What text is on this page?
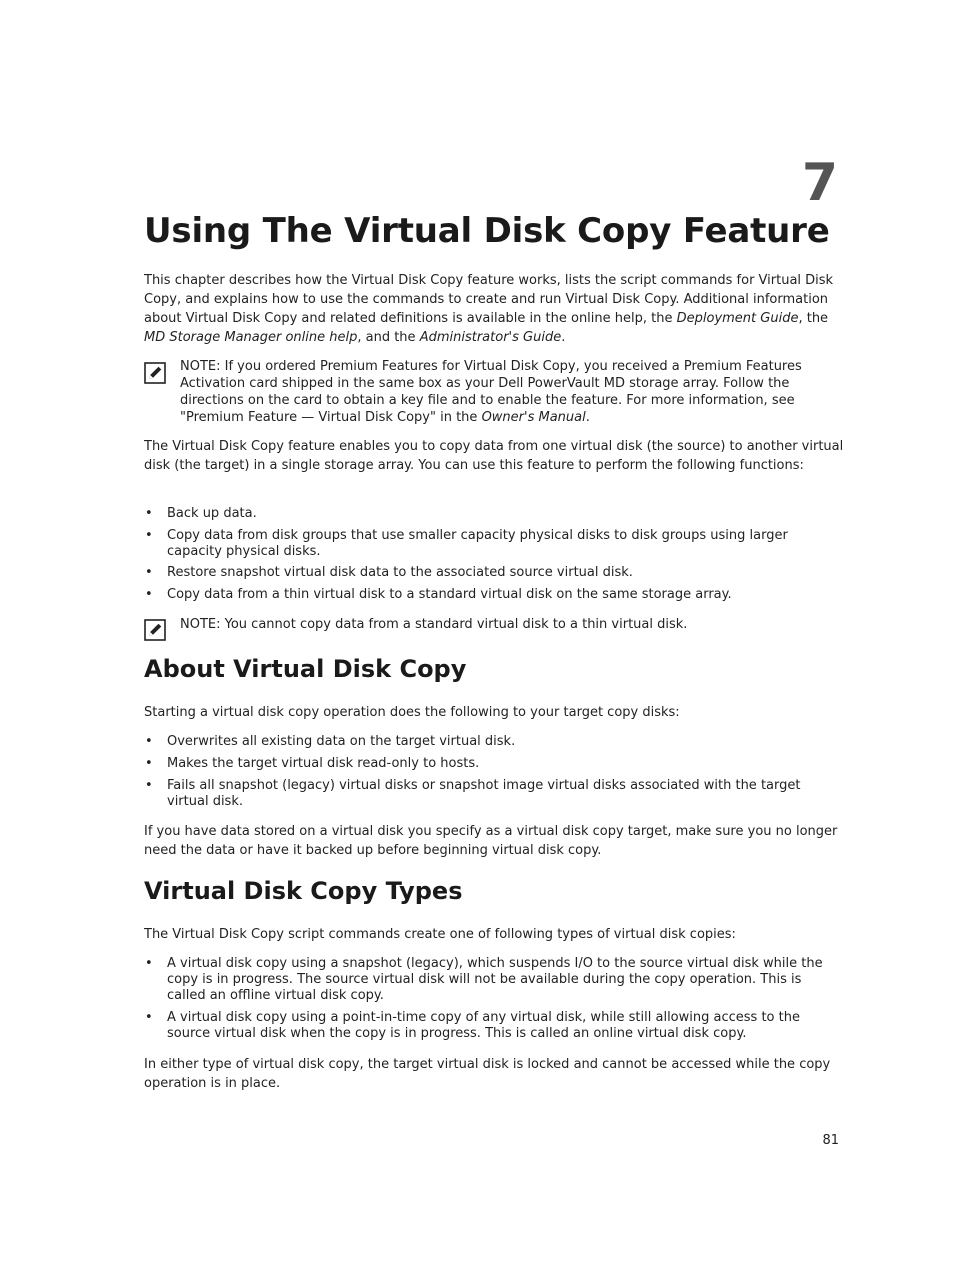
7
Using The Virtual Disk Copy Feature
This chapter describes how the Virtual Disk Copy feature works, lists the script commands for Virtual Disk Copy, and explains how to use the commands to create and run Virtual Disk Copy. Additional information about Virtual Disk Copy and related definitions is available in the online help, the Deployment Guide, the MD Storage Manager online help, and the Administrator's Guide.
NOTE: If you ordered Premium Features for Virtual Disk Copy, you received a Premium Features Activation card shipped in the same box as your Dell PowerVault MD storage array. Follow the directions on the card to obtain a key file and to enable the feature. For more information, see "Premium Feature — Virtual Disk Copy" in the Owner's Manual.
The Virtual Disk Copy feature enables you to copy data from one virtual disk (the source) to another virtual disk (the target) in a single storage array. You can use this feature to perform the following functions:
• Back up data.
• Copy data from disk groups that use smaller capacity physical disks to disk groups using larger capacity physical disks.
• Restore snapshot virtual disk data to the associated source virtual disk.
• Copy data from a thin virtual disk to a standard virtual disk on the same storage array.
NOTE: You cannot copy data from a standard virtual disk to a thin virtual disk.
About Virtual Disk Copy
Starting a virtual disk copy operation does the following to your target copy disks:
• Overwrites all existing data on the target virtual disk.
• Makes the target virtual disk read-only to hosts.
• Fails all snapshot (legacy) virtual disks or snapshot image virtual disks associated with the target virtual disk.
If you have data stored on a virtual disk you specify as a virtual disk copy target, make sure you no longer need the data or have it backed up before beginning virtual disk copy.
Virtual Disk Copy Types
The Virtual Disk Copy script commands create one of following types of virtual disk copies:
• A virtual disk copy using a snapshot (legacy), which suspends I/O to the source virtual disk while the copy is in progress. The source virtual disk will not be available during the copy operation. This is called an offline virtual disk copy.
• A virtual disk copy using a point-in-time copy of any virtual disk, while still allowing access to the source virtual disk when the copy is in progress. This is called an online virtual disk copy.
In either type of virtual disk copy, the target virtual disk is locked and cannot be accessed while the copy operation is in place.
81
